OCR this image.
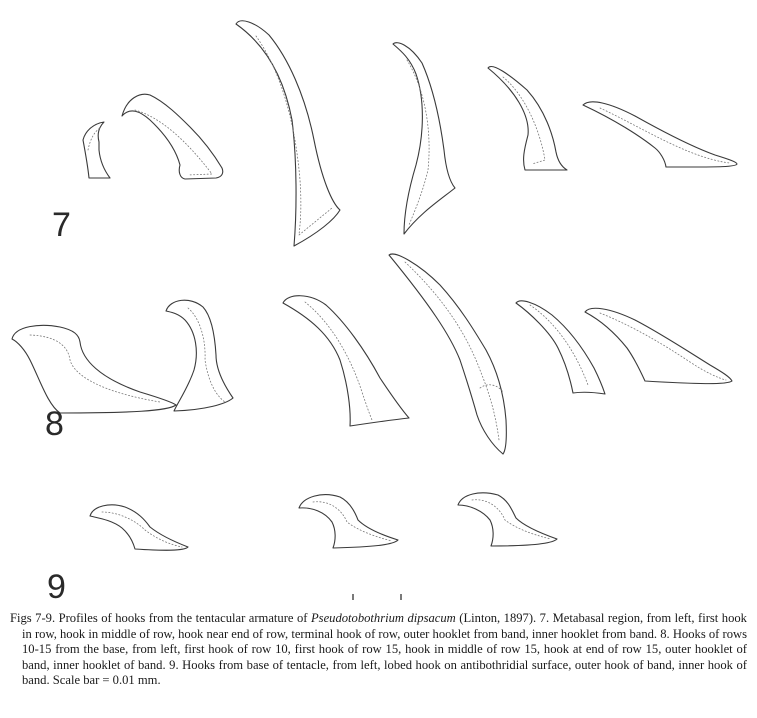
7
8
9

Figs 7-9. Profiles of hooks from the tentacular armature of Pseudotobothrium dipsacum (Linton, 1897). 7. Metabasal region, from left, first hook in row, hook in middle of row, hook near end of row, terminal hook of row, outer hooklet from band, inner hooklet from band. 8. Hooks of rows 10-15 from the base, from left, first hook of row 10, first hook of row 15, hook in middle of row 15, hook at end of row 15, outer hooklet of band, inner hooklet of band. 9. Hooks from base of tentacle, from left, lobed hook on antibothridial surface, outer hook of band, inner hook of band. Scale bar = 0.01 mm.
